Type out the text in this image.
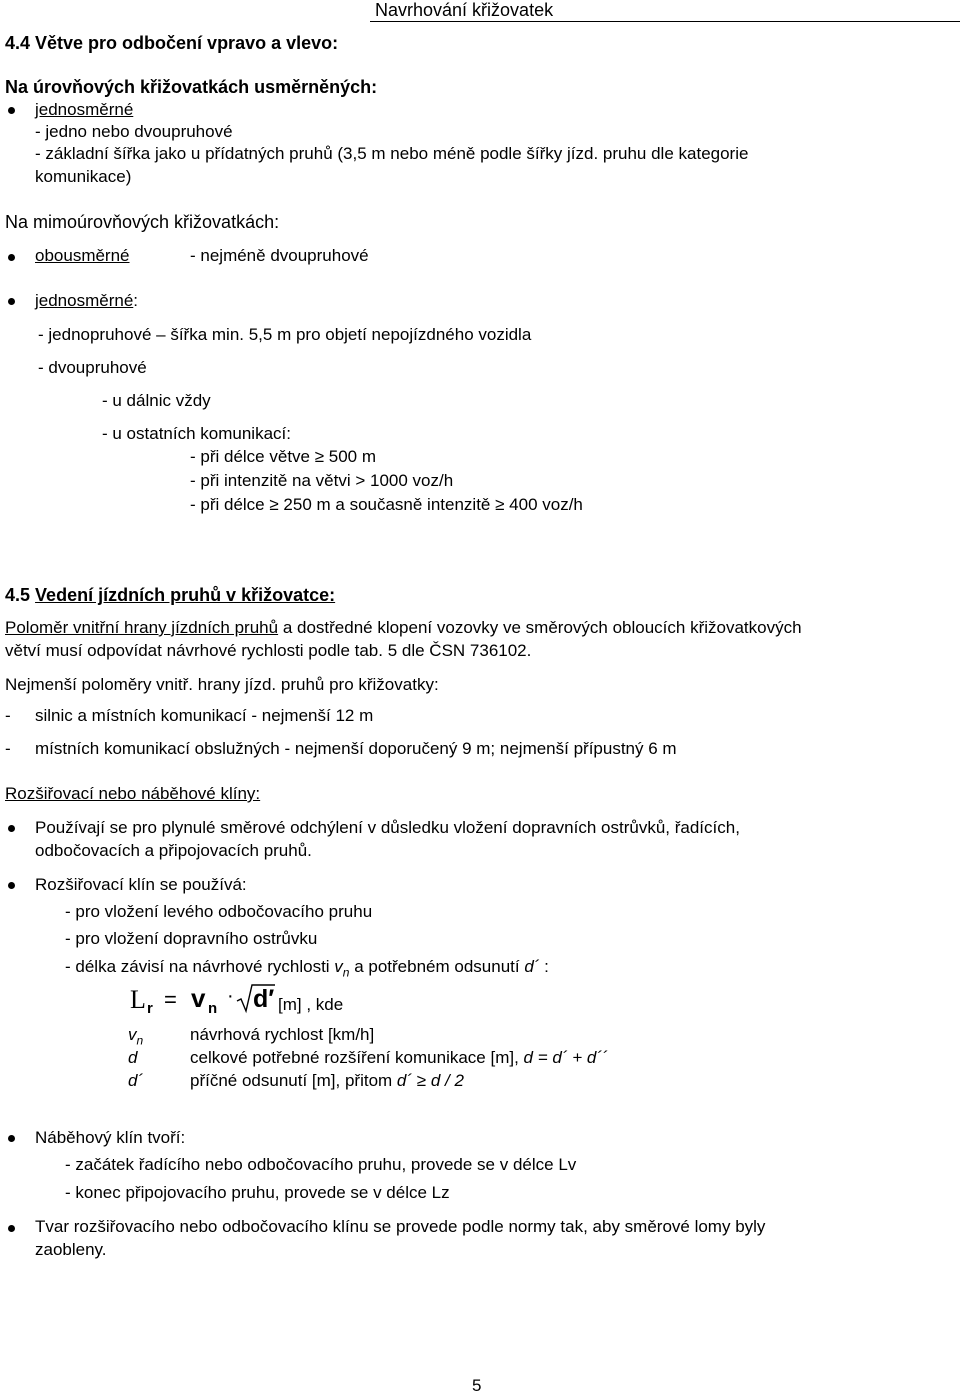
Navrhování křižovatek
4.4 Větve pro odbočení vpravo a vlevo:
Na úrovňových křižovatkách usměrněných:
jednosměrné
- jedno nebo dvoupruhové
- základní šířka jako u přídatných pruhů (3,5 m nebo méně podle šířky jízd. pruhu dle kategorie
komunikace)
Na mimoúrovňových křižovatkách:
obousměrné	- nejméně dvoupruhové
jednosměrné:
- jednopruhové – šířka min. 5,5 m pro objetí nepojízdného vozidla
- dvoupruhové
- u dálnic vždy
- u ostatních komunikací:
- při délce větve ≥ 500 m
- při intenzitě na větvi > 1000 voz/h
- při délce ≥ 250 m a současně intenzitě ≥ 400 voz/h
4.5 Vedení jízdních pruhů v křižovatce:
Poloměr vnitřní hrany jízdních pruhů a dostředné klopení vozovky ve směrových obloucích křižovatkových
větví musí odpovídat návrhové rychlosti podle tab. 5 dle ČSN 736102.
Nejmenší poloměry vnitř. hrany jízd. pruhů pro křižovatky:
- silnic a místních komunikací - nejmenší 12 m
- místních komunikací obslužných - nejmenší doporučený 9 m; nejmenší přípustný 6 m
Rozšiřovací nebo náběhové klíny:
Používají se pro plynulé směrové odchýlení v důsledku vložení dopravních ostrůvků, řadících,
odbočovacích a připojovacích pruhů.
Rozšiřovací klín se používá:
- pro vložení levého odbočovacího pruhu
- pro vložení dopravního ostrůvku
- délka závisí na návrhové rychlosti $v_n$ a potřebném odsunutí d´ :
L r = v n
· d′ [m] , kde
$v_n$	návrhová rychlost [km/h]
d	celkové potřebné rozšíření komunikace [m], d = d´ + d´´
d´	příčné odsunutí [m], přitom d´ ≥ d / 2
Náběhový klín tvoří:
- začátek řadícího nebo odbočovacího pruhu, provede se v délce Lv
- konec připojovacího pruhu, provede se v délce Lz
Tvar rozšiřovacího nebo odbočovacího klínu se provede podle normy tak, aby směrové lomy byly
zaobleny.
5
